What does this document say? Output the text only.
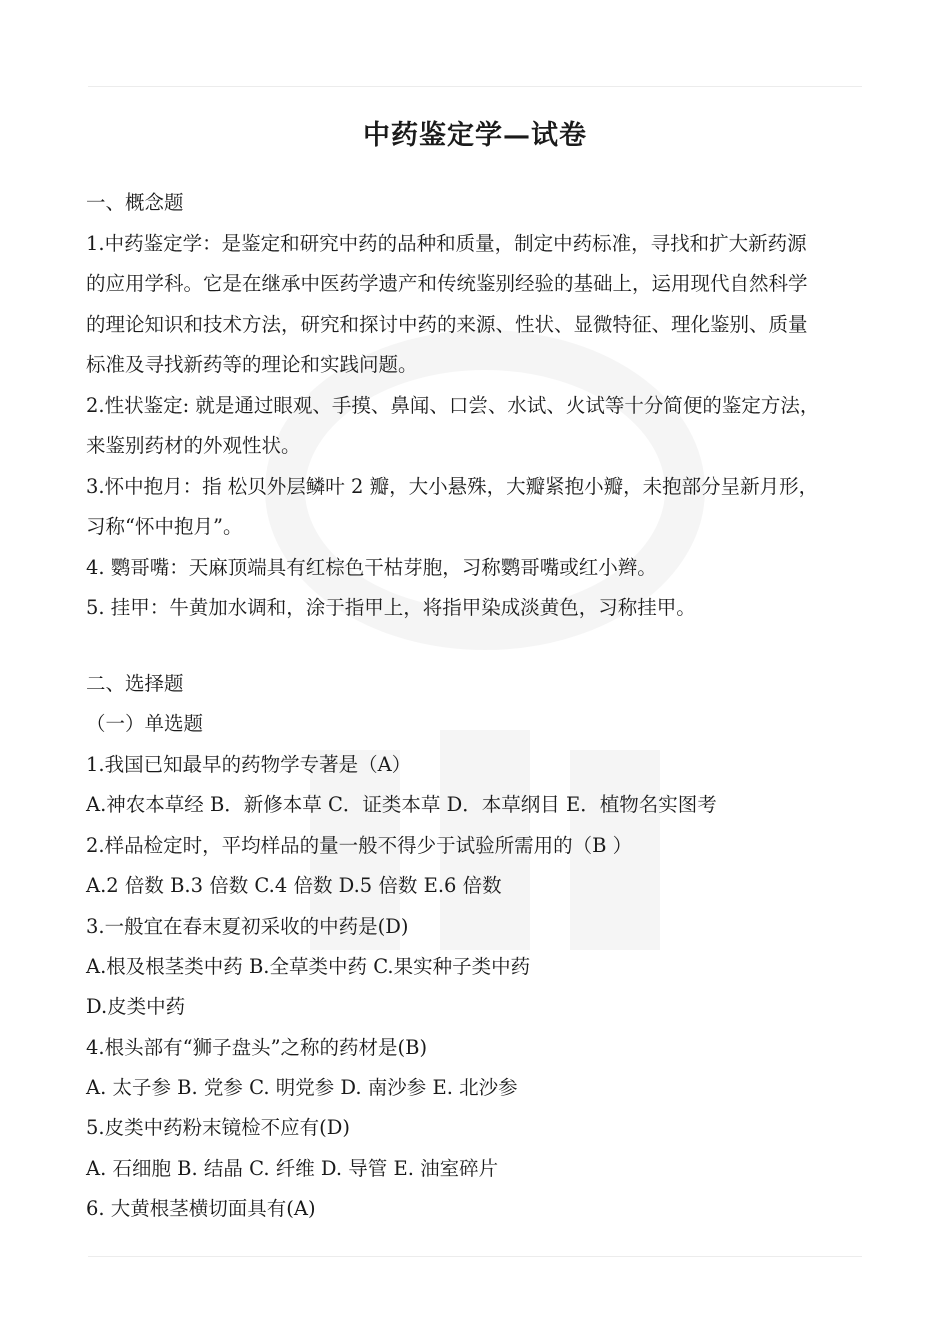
中药鉴定学—试卷
一、概念题
1.中药鉴定学：是鉴定和研究中药的品种和质量，制定中药标准，寻找和扩大新药源
的应用学科。它是在继承中医药学遗产和传统鉴别经验的基础上，运用现代自然科学
的理论知识和技术方法，研究和探讨中药的来源、性状、显微特征、理化鉴别、质量
标准及寻找新药等的理论和实践问题。
2.性状鉴定: 就是通过眼观、手摸、鼻闻、口尝、水试、火试等十分简便的鉴定方法，
来鉴别药材的外观性状。
3.怀中抱月：指 松贝外层鳞叶 2 瓣，大小悬殊，大瓣紧抱小瓣，未抱部分呈新月形，
习称“怀中抱月”。
4. 鹦哥嘴：天麻顶端具有红棕色干枯芽胞，习称鹦哥嘴或红小辫。
5. 挂甲：牛黄加水调和，涂于指甲上，将指甲染成淡黄色，习称挂甲。
二、选择题
（一）单选题
1.我国已知最早的药物学专著是（A）
A.神农本草经 B．新修本草 C．证类本草 D．本草纲目 E．植物名实图考
2.样品检定时，平均样品的量一般不得少于试验所需用的（B ）
A.2 倍数 B.3 倍数 C.4 倍数 D.5 倍数 E.6 倍数
3.一般宜在春末夏初采收的中药是(D)
A.根及根茎类中药 B.全草类中药 C.果实种子类中药
D.皮类中药
4.根头部有“狮子盘头”之称的药材是(B)
A. 太子参 B. 党参 C. 明党参 D. 南沙参 E. 北沙参
5.皮类中药粉末镜检不应有(D)
A. 石细胞 B. 结晶 C. 纤维 D. 导管 E. 油室碎片
6. 大黄根茎横切面具有(A)
